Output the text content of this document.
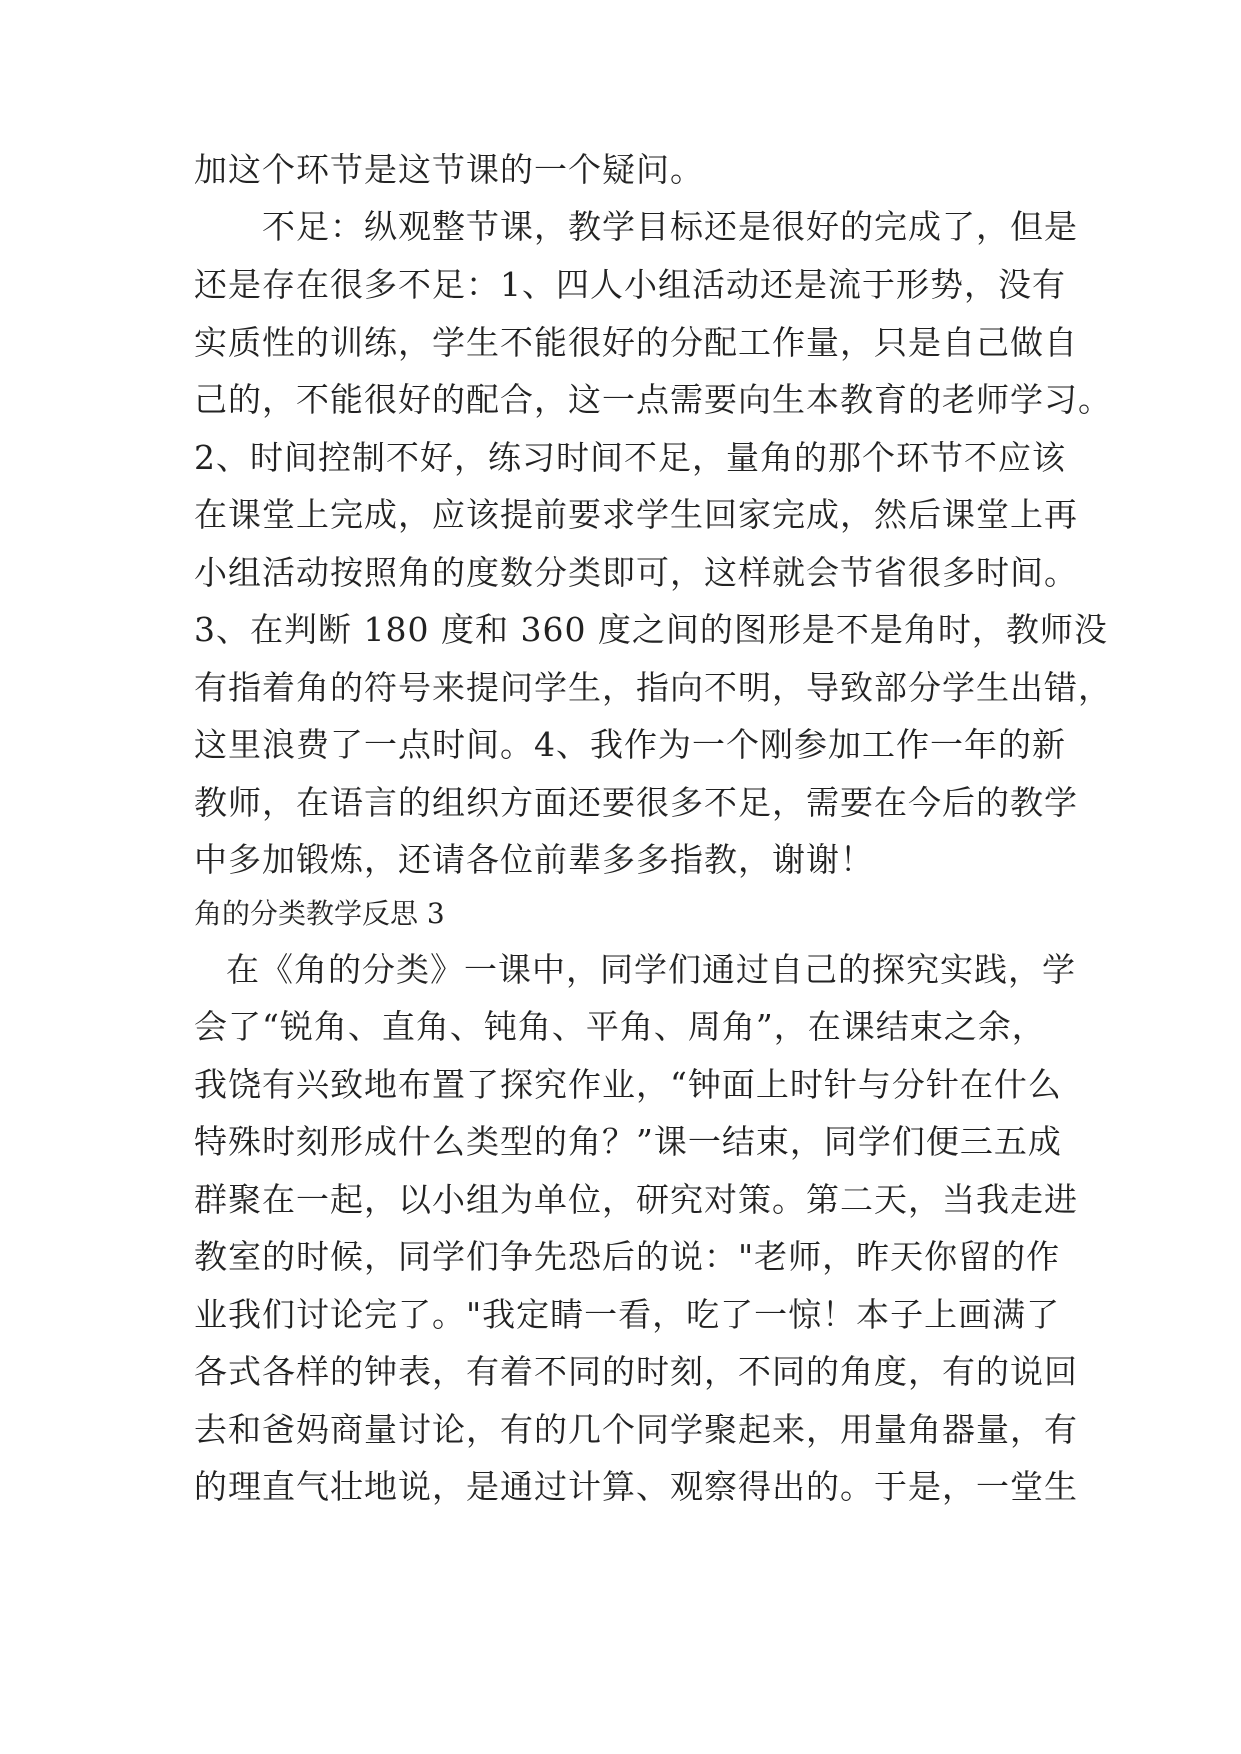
加这个环节是这节课的一个疑问。
不足：纵观整节课，教学目标还是很好的完成了，但是
还是存在很多不足：1、四人小组活动还是流于形势，没有
实质性的训练，学生不能很好的分配工作量，只是自己做自
己的，不能很好的配合，这一点需要向生本教育的老师学习。
2、时间控制不好，练习时间不足，量角的那个环节不应该
在课堂上完成，应该提前要求学生回家完成，然后课堂上再
小组活动按照角的度数分类即可，这样就会节省很多时间。
3、在判断 180 度和 360 度之间的图形是不是角时，教师没
有指着角的符号来提问学生，指向不明，导致部分学生出错，
这里浪费了一点时间。4、我作为一个刚参加工作一年的新
教师，在语言的组织方面还要很多不足，需要在今后的教学
中多加锻炼，还请各位前辈多多指教，谢谢！
角的分类教学反思 3
在《角的分类》一课中，同学们通过自己的探究实践，学
会了“锐角、直角、钝角、平角、周角”，在课结束之余，
我饶有兴致地布置了探究作业，“钟面上时针与分针在什么
特殊时刻形成什么类型的角？”课一结束，同学们便三五成
群聚在一起，以小组为单位，研究对策。第二天，当我走进
教室的时候，同学们争先恐后的说："老师，昨天你留的作
业我们讨论完了。"我定睛一看，吃了一惊！本子上画满了
各式各样的钟表，有着不同的时刻，不同的角度，有的说回
去和爸妈商量讨论，有的几个同学聚起来，用量角器量，有
的理直气壮地说，是通过计算、观察得出的。于是，一堂生
